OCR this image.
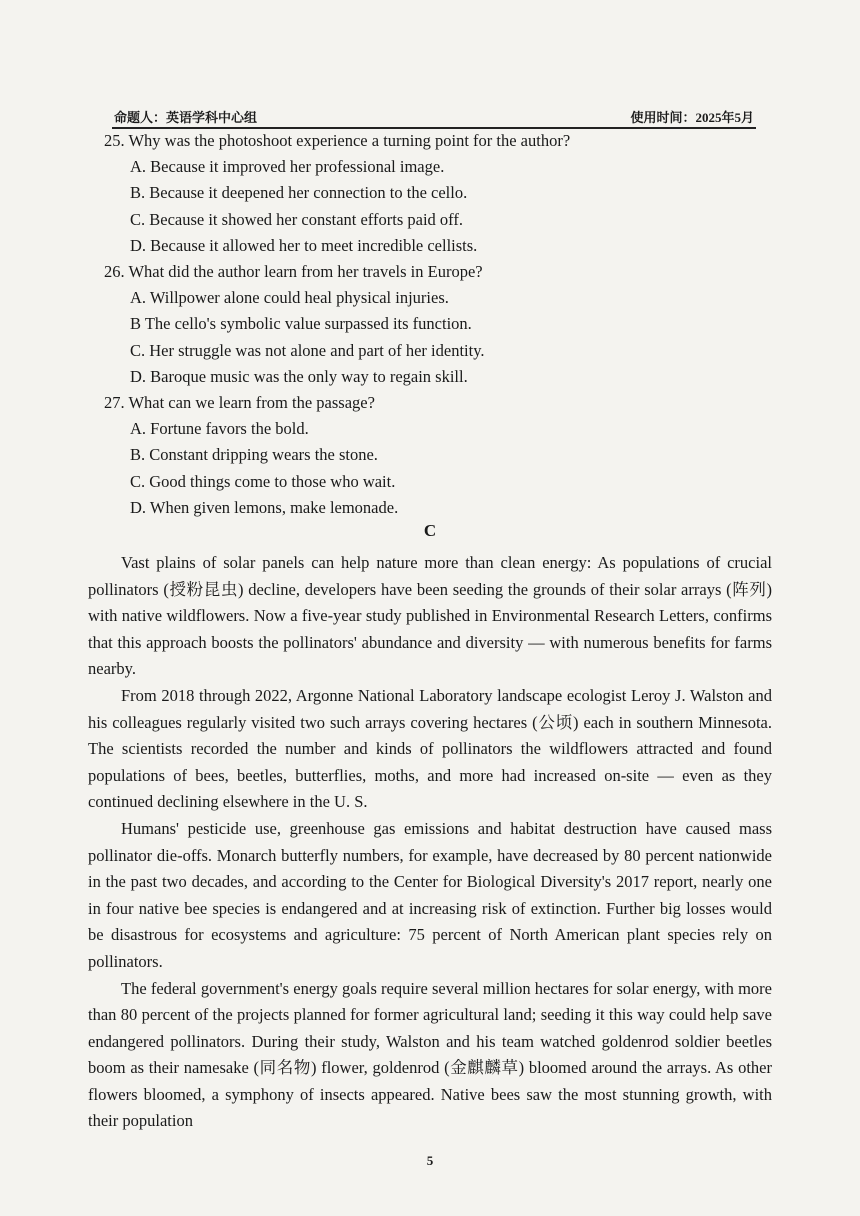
命题人：英语学科中心组	使用时间：2025年5月
25. Why was the photoshoot experience a turning point for the author?
A. Because it improved her professional image.
B. Because it deepened her connection to the cello.
C. Because it showed her constant efforts paid off.
D. Because it allowed her to meet incredible cellists.
26. What did the author learn from her travels in Europe?
A. Willpower alone could heal physical injuries.
B The cello's symbolic value surpassed its function.
C. Her struggle was not alone and part of her identity.
D. Baroque music was the only way to regain skill.
27. What can we learn from the passage?
A. Fortune favors the bold.
B. Constant dripping wears the stone.
C. Good things come to those who wait.
D. When given lemons, make lemonade.
C

Vast plains of solar panels can help nature more than clean energy: As populations of crucial pollinators (授粉昆虫) decline, developers have been seeding the grounds of their solar arrays (阵列) with native wildflowers. Now a five-year study published in Environmental Research Letters, confirms that this approach boosts the pollinators' abundance and diversity — with numerous benefits for farms nearby.

From 2018 through 2022, Argonne National Laboratory landscape ecologist Leroy J. Walston and his colleagues regularly visited two such arrays covering hectares (公顷) each in southern Minnesota. The scientists recorded the number and kinds of pollinators the wildflowers attracted and found populations of bees, beetles, butterflies, moths, and more had increased on-site — even as they continued declining elsewhere in the U. S.

Humans' pesticide use, greenhouse gas emissions and habitat destruction have caused mass pollinator die-offs. Monarch butterfly numbers, for example, have decreased by 80 percent nationwide in the past two decades, and according to the Center for Biological Diversity's 2017 report, nearly one in four native bee species is endangered and at increasing risk of extinction. Further big losses would be disastrous for ecosystems and agriculture: 75 percent of North American plant species rely on pollinators.

The federal government's energy goals require several million hectares for solar energy, with more than 80 percent of the projects planned for former agricultural land; seeding it this way could help save endangered pollinators. During their study, Walston and his team watched goldenrod soldier beetles boom as their namesake (同名物) flower, goldenrod (金麒麟草) bloomed around the arrays. As other flowers bloomed, a symphony of insects appeared. Native bees saw the most stunning growth, with their population

5
